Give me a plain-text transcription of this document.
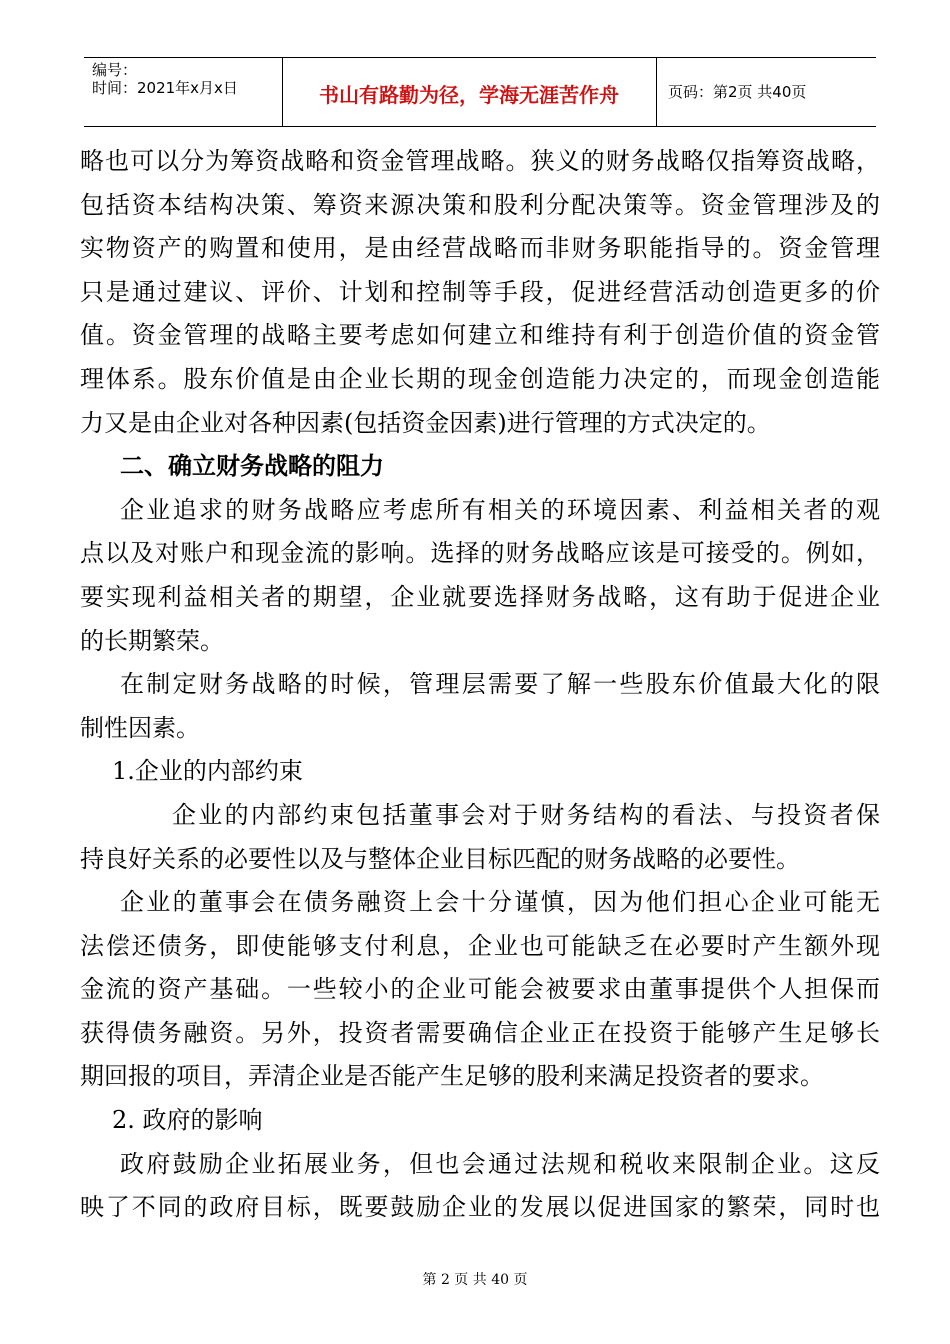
编号：
时间：2021年x月x日	书山有路勤为径，学海无涯苦作舟	页码：第2页 共40页
略也可以分为筹资战略和资金管理战略。狭义的财务战略仅指筹资战略，
包括资本结构决策、筹资来源决策和股利分配决策等。资金管理涉及的
实物资产的购置和使用，是由经营战略而非财务职能指导的。资金管理
只是通过建议、评价、计划和控制等手段，促进经营活动创造更多的价
值。资金管理的战略主要考虑如何建立和维持有利于创造价值的资金管
理体系。股东价值是由企业长期的现金创造能力决定的，而现金创造能
力又是由企业对各种因素(包括资金因素)进行管理的方式决定的。
二、确立财务战略的阻力
企业追求的财务战略应考虑所有相关的环境因素、利益相关者的观
点以及对账户和现金流的影响。选择的财务战略应该是可接受的。例如，
要实现利益相关者的期望，企业就要选择财务战略，这有助于促进企业
的长期繁荣。
在制定财务战略的时候，管理层需要了解一些股东价值最大化的限
制性因素。
1.企业的内部约束
企业的内部约束包括董事会对于财务结构的看法、与投资者保
持良好关系的必要性以及与整体企业目标匹配的财务战略的必要性。
企业的董事会在债务融资上会十分谨慎，因为他们担心企业可能无
法偿还债务，即使能够支付利息，企业也可能缺乏在必要时产生额外现
金流的资产基础。一些较小的企业可能会被要求由董事提供个人担保而
获得债务融资。另外，投资者需要确信企业正在投资于能够产生足够长
期回报的项目，弄清企业是否能产生足够的股利来满足投资者的要求。
2. 政府的影响
政府鼓励企业拓展业务，但也会通过法规和税收来限制企业。这反
映了不同的政府目标，既要鼓励企业的发展以促进国家的繁荣，同时也
第 2 页 共 40 页
